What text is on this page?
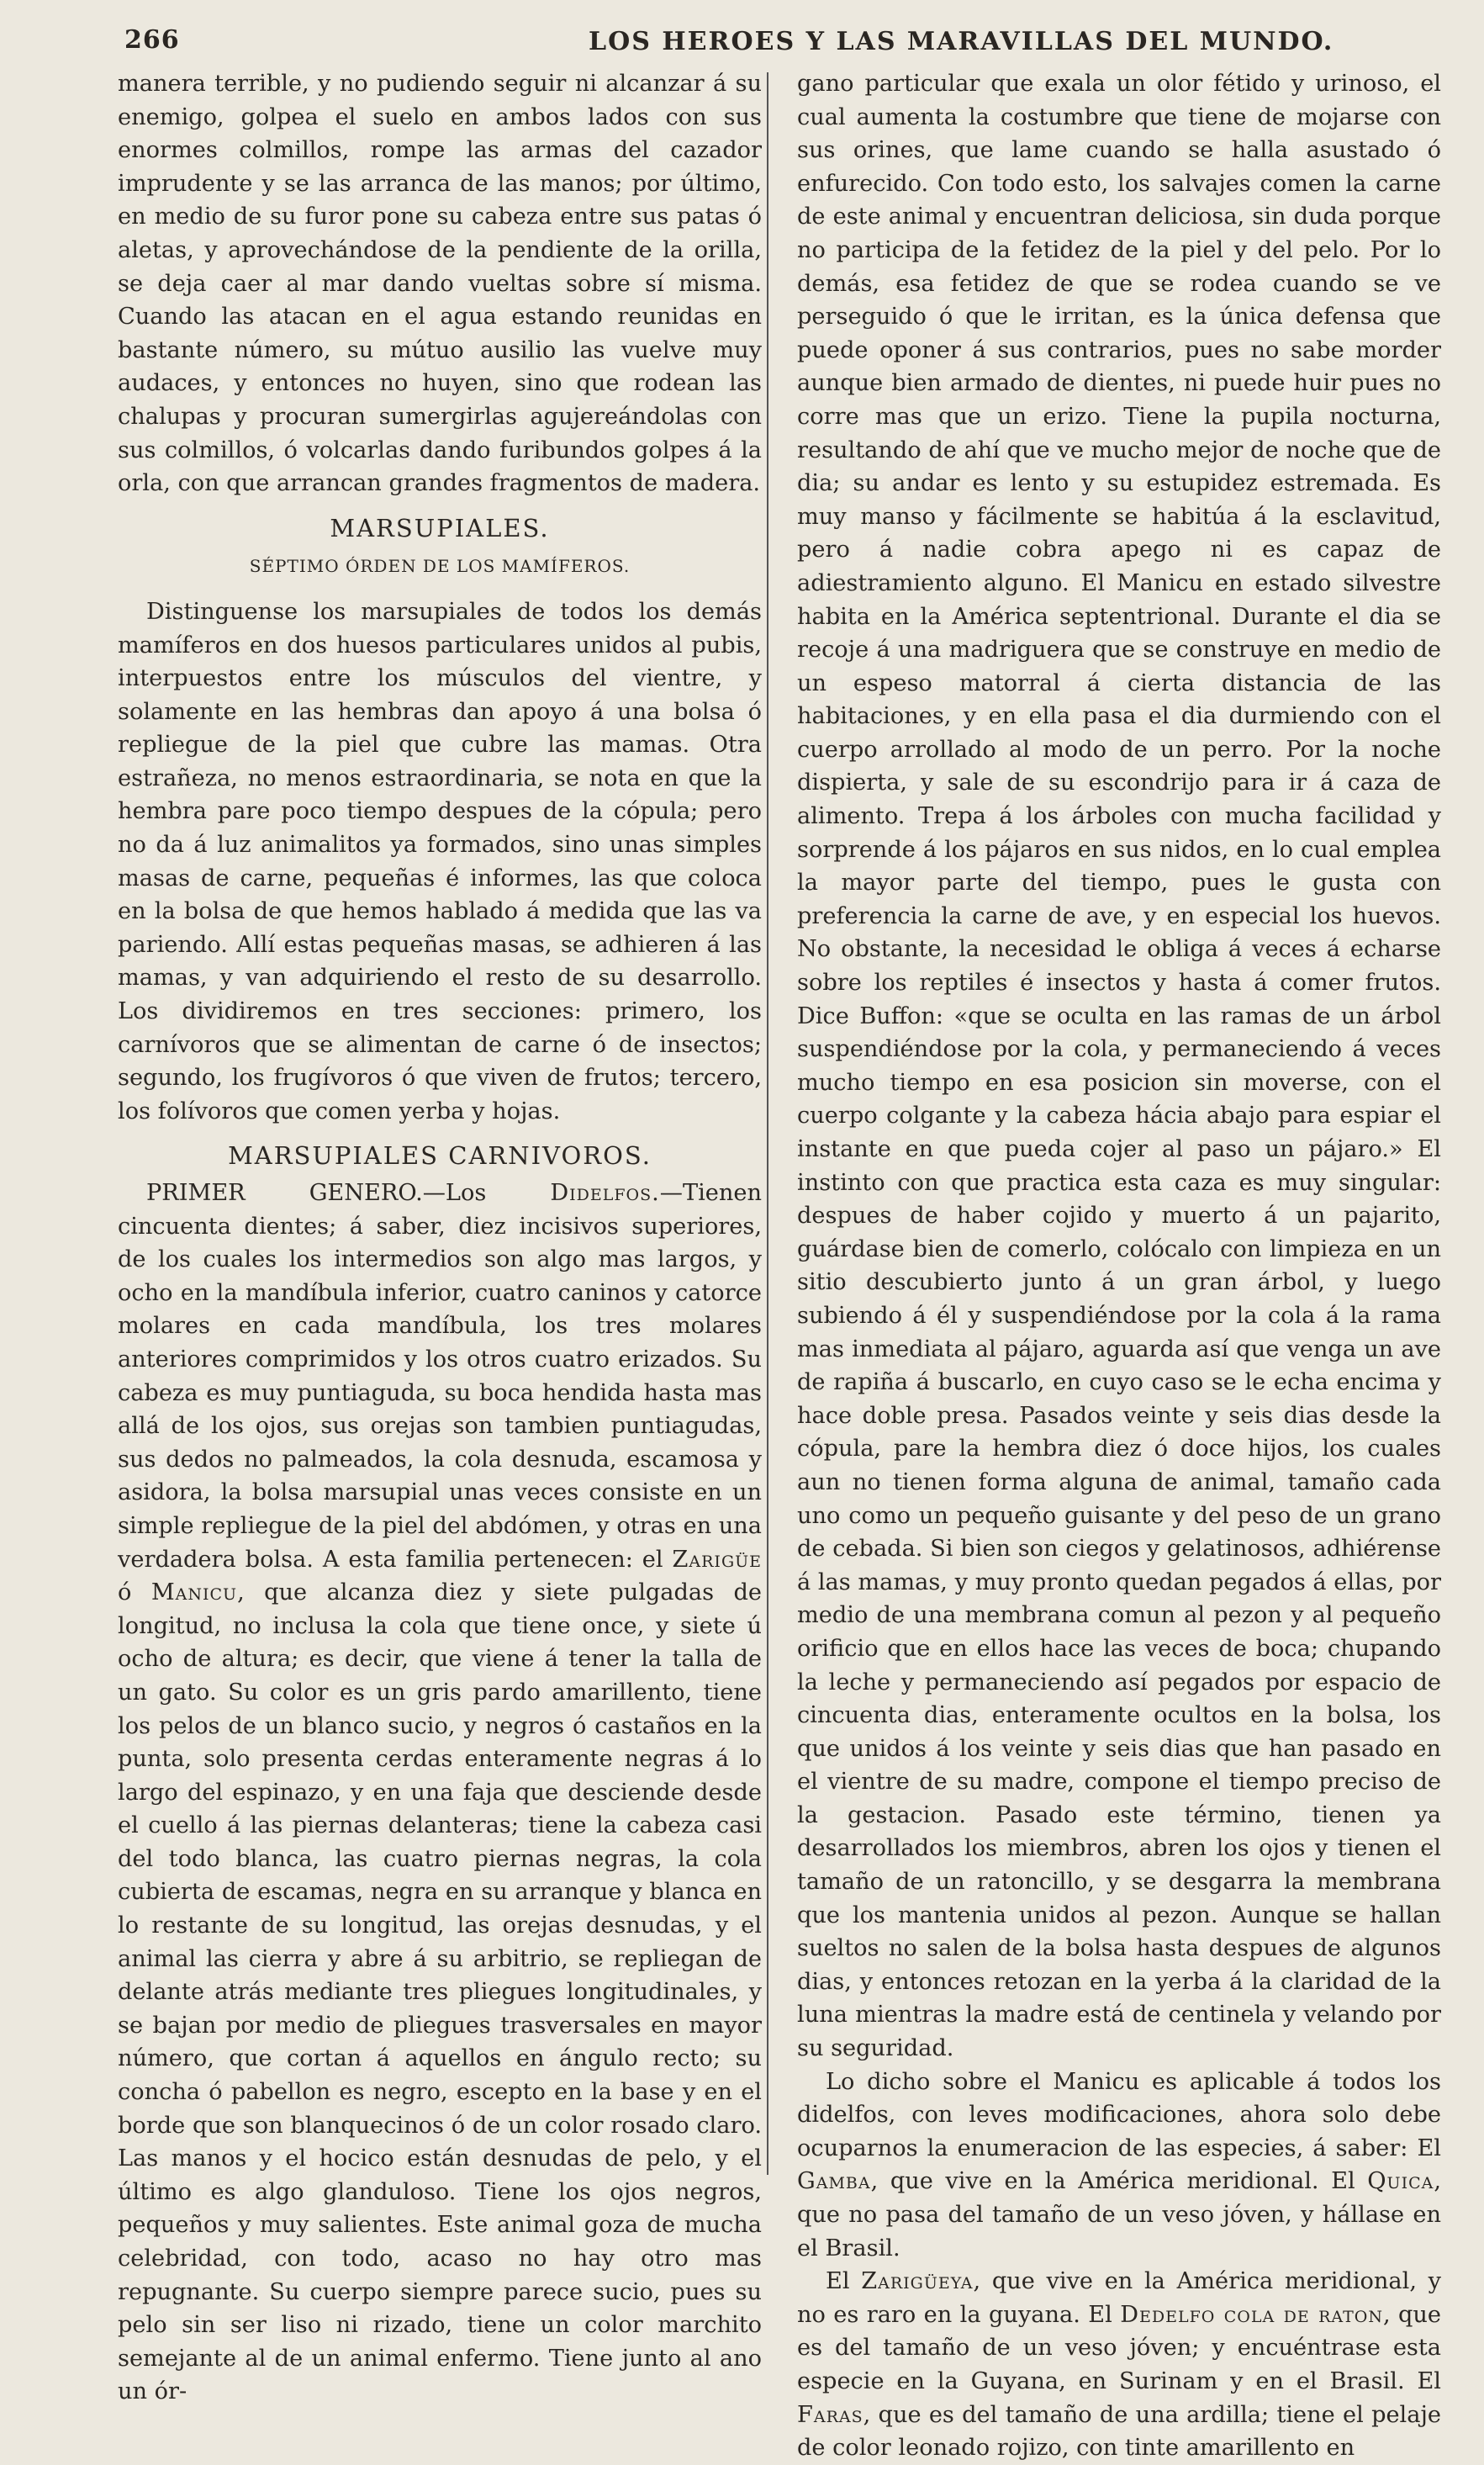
266	LOS HEROES Y LAS MARAVILLAS DEL MUNDO.

manera terrible, y no pudiendo seguir ni alcanzar á su enemigo, golpea el suelo en ambos lados con sus enormes colmillos, rompe las armas del cazador imprudente y se las arranca de las manos; por último, en medio de su furor pone su cabeza entre sus patas ó aletas, y aprovechándose de la pendiente de la orilla, se deja caer al mar dando vueltas sobre sí misma. Cuando las atacan en el agua estando reunidas en bastante número, su mútuo ausilio las vuelve muy audaces, y entonces no huyen, sino que rodean las chalupas y procuran sumergirlas agujereándolas con sus colmillos, ó volcarlas dando furibundos golpes á la orla, con que arrancan grandes fragmentos de madera.

MARSUPIALES.
SÉPTIMO ÓRDEN DE LOS MAMÍFEROS.

Distinguense los marsupiales de todos los demás mamíferos en dos huesos particulares unidos al pubis, interpuestos entre los músculos del vientre, y solamente en las hembras dan apoyo á una bolsa ó repliegue de la piel que cubre las mamas. Otra estrañeza, no menos estraordinaria, se nota en que la hembra pare poco tiempo despues de la cópula; pero no da á luz animalitos ya formados, sino unas simples masas de carne, pequeñas é informes, las que coloca en la bolsa de que hemos hablado á medida que las va pariendo. Allí estas pequeñas masas, se adhieren á las mamas, y van adquiriendo el resto de su desarrollo. Los dividiremos en tres secciones: primero, los carnívoros que se alimentan de carne ó de insectos; segundo, los frugívoros ó que viven de frutos; tercero, los folívoros que comen yerba y hojas.

MARSUPIALES CARNIVOROS.

PRIMER GENERO.—Los Didelfos.—Tienen cincuenta dientes; á saber, diez incisivos superiores, de los cuales los intermedios son algo mas largos, y ocho en la mandíbula inferior, cuatro caninos y catorce molares en cada mandíbula, los tres molares anteriores comprimidos y los otros cuatro erizados. Su cabeza es muy puntiaguda, su boca hendida hasta mas allá de los ojos, sus orejas son tambien puntiagudas, sus dedos no palmeados, la cola desnuda, escamosa y asidora, la bolsa marsupial unas veces consiste en un simple repliegue de la piel del abdómen, y otras en una verdadera bolsa. A esta familia pertenecen: el Zarigüe ó Manicu, que alcanza diez y siete pulgadas de longitud, no inclusa la cola que tiene once, y siete ú ocho de altura; es decir, que viene á tener la talla de un gato. Su color es un gris pardo amarillento, tiene los pelos de un blanco sucio, y negros ó castaños en la punta, solo presenta cerdas enteramente negras á lo largo del espinazo, y en una faja que desciende desde el cuello á las piernas delanteras; tiene la cabeza casi del todo blanca, las cuatro piernas negras, la cola cubierta de escamas, negra en su arranque y blanca en lo restante de su longitud, las orejas desnudas, y el animal las cierra y abre á su arbitrio, se repliegan de delante atrás mediante tres pliegues longitudinales, y se bajan por medio de pliegues trasversales en mayor número, que cortan á aquellos en ángulo recto; su concha ó pabellon es negro, escepto en la base y en el borde que son blanquecinos ó de un color rosado claro. Las manos y el hocico están desnudas de pelo, y el último es algo glanduloso. Tiene los ojos negros, pequeños y muy salientes. Este animal goza de mucha celebridad, con todo, acaso no hay otro mas repugnante. Su cuerpo siempre parece sucio, pues su pelo sin ser liso ni rizado, tiene un color marchito semejante al de un animal enfermo. Tiene junto al ano un ór-

gano particular que exala un olor fétido y urinoso, el cual aumenta la costumbre que tiene de mojarse con sus orines, que lame cuando se halla asustado ó enfurecido. Con todo esto, los salvajes comen la carne de este animal y encuentran deliciosa, sin duda porque no participa de la fetidez de la piel y del pelo. Por lo demás, esa fetidez de que se rodea cuando se ve perseguido ó que le irritan, es la única defensa que puede oponer á sus contrarios, pues no sabe morder aunque bien armado de dientes, ni puede huir pues no corre mas que un erizo. Tiene la pupila nocturna, resultando de ahí que ve mucho mejor de noche que de dia; su andar es lento y su estupidez estremada. Es muy manso y fácilmente se habitúa á la esclavitud, pero á nadie cobra apego ni es capaz de adiestramiento alguno. El Manicu en estado silvestre habita en la América septentrional. Durante el dia se recoje á una madriguera que se construye en medio de un espeso matorral á cierta distancia de las habitaciones, y en ella pasa el dia durmiendo con el cuerpo arrollado al modo de un perro. Por la noche dispierta, y sale de su escondrijo para ir á caza de alimento. Trepa á los árboles con mucha facilidad y sorprende á los pájaros en sus nidos, en lo cual emplea la mayor parte del tiempo, pues le gusta con preferencia la carne de ave, y en especial los huevos. No obstante, la necesidad le obliga á veces á echarse sobre los reptiles é insectos y hasta á comer frutos. Dice Buffon: «que se oculta en las ramas de un árbol suspendiéndose por la cola, y permaneciendo á veces mucho tiempo en esa posicion sin moverse, con el cuerpo colgante y la cabeza hácia abajo para espiar el instante en que pueda cojer al paso un pájaro.» El instinto con que practica esta caza es muy singular: despues de haber cojido y muerto á un pajarito, guárdase bien de comerlo, colócalo con limpieza en un sitio descubierto junto á un gran árbol, y luego subiendo á él y suspendiéndose por la cola á la rama mas inmediata al pájaro, aguarda así que venga un ave de rapiña á buscarlo, en cuyo caso se le echa encima y hace doble presa. Pasados veinte y seis dias desde la cópula, pare la hembra diez ó doce hijos, los cuales aun no tienen forma alguna de animal, tamaño cada uno como un pequeño guisante y del peso de un grano de cebada. Si bien son ciegos y gelatinosos, adhiérense á las mamas, y muy pronto quedan pegados á ellas, por medio de una membrana comun al pezon y al pequeño orificio que en ellos hace las veces de boca; chupando la leche y permaneciendo así pegados por espacio de cincuenta dias, enteramente ocultos en la bolsa, los que unidos á los veinte y seis dias que han pasado en el vientre de su madre, compone el tiempo preciso de la gestacion. Pasado este término, tienen ya desarrollados los miembros, abren los ojos y tienen el tamaño de un ratoncillo, y se desgarra la membrana que los mantenia unidos al pezon. Aunque se hallan sueltos no salen de la bolsa hasta despues de algunos dias, y entonces retozan en la yerba á la claridad de la luna mientras la madre está de centinela y velando por su seguridad.

Lo dicho sobre el Manicu es aplicable á todos los didelfos, con leves modificaciones, ahora solo debe ocuparnos la enumeracion de las especies, á saber: El Gamba, que vive en la América meridional. El Quica, que no pasa del tamaño de un veso jóven, y hállase en el Brasil.

El Zarigüeya, que vive en la América meridional, y no es raro en la guyana. El Dedelfo cola de raton, que es del tamaño de un veso jóven; y encuéntrase esta especie en la Guyana, en Surinam y en el Brasil. El Faras, que es del tamaño de una ardilla; tiene el pelaje de color leonado rojizo, con tinte amarillento en
